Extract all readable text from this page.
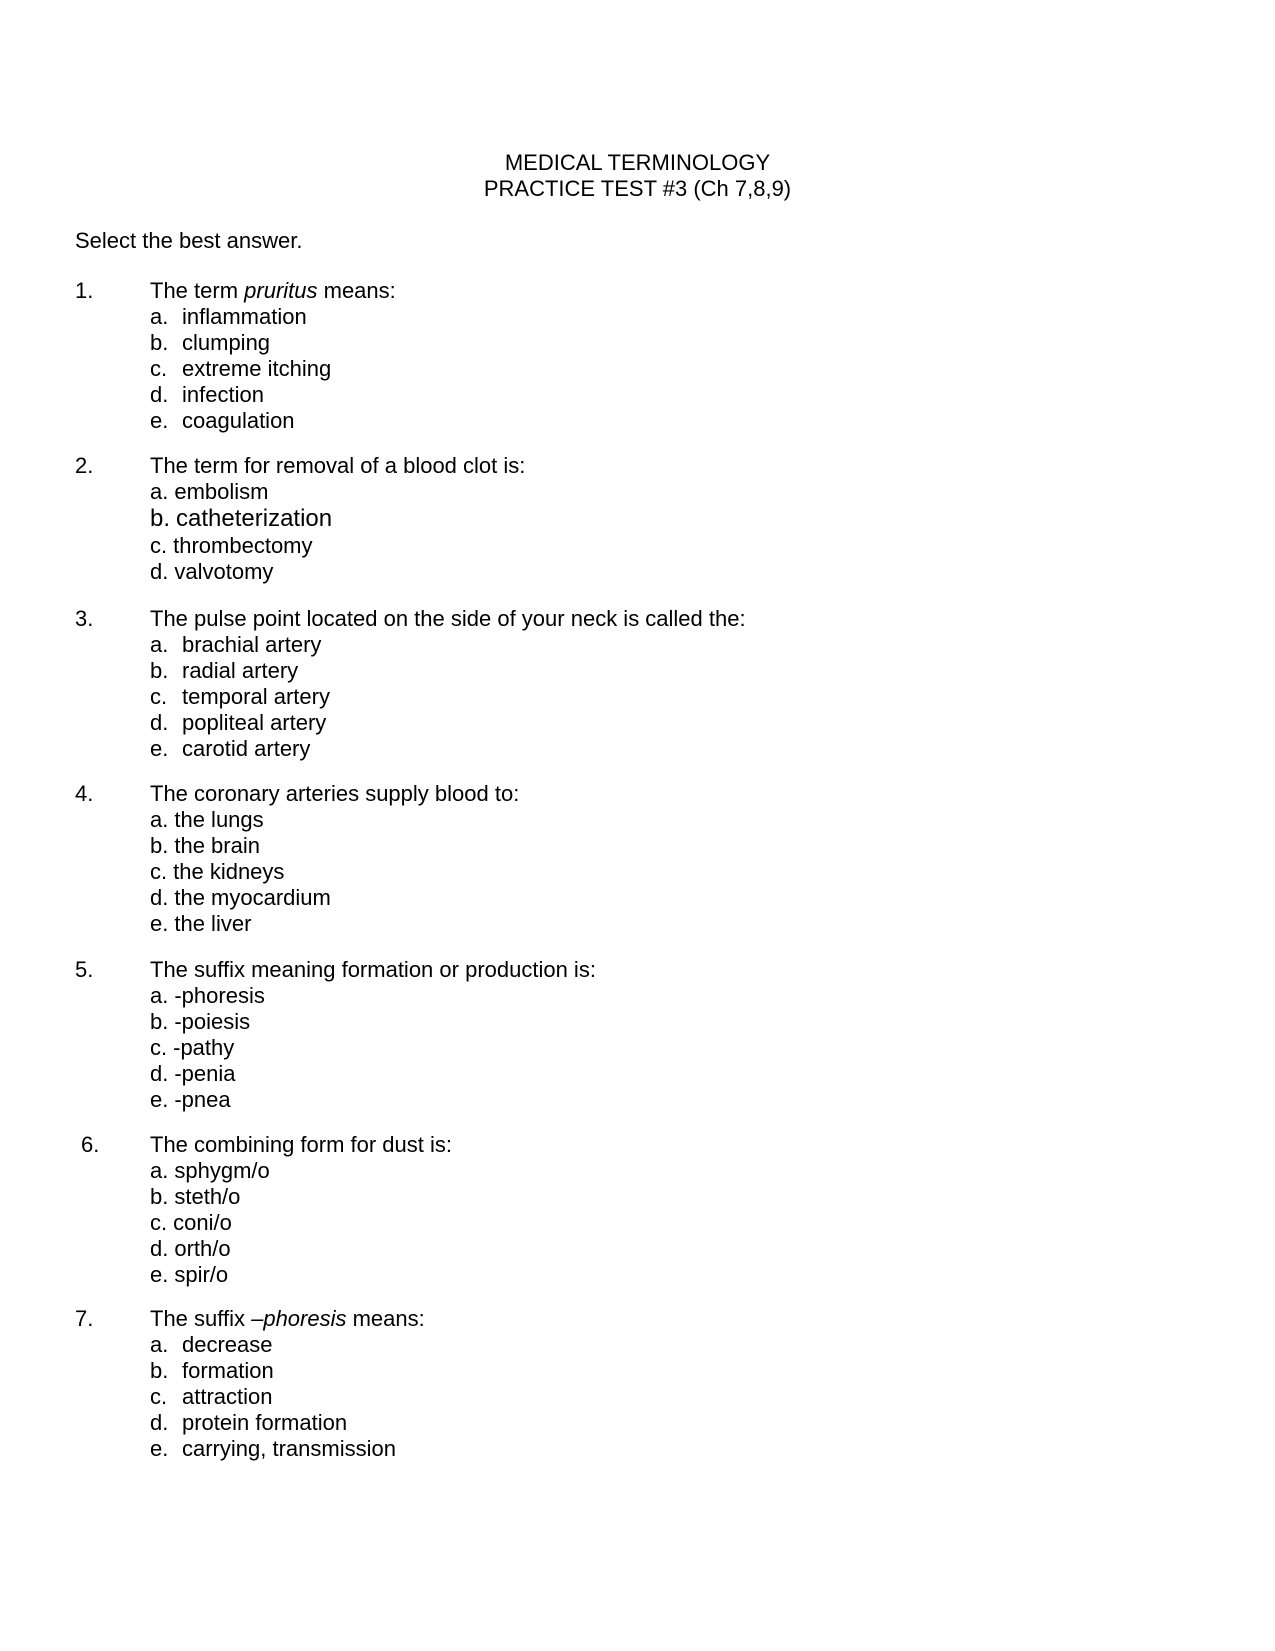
MEDICAL TERMINOLOGY
PRACTICE TEST #3 (Ch 7,8,9)
Select the best answer.
1.	The term pruritus means:
a. inflammation
b. clumping
c. extreme itching
d. infection
e. coagulation
2.	The term for removal of a blood clot is:
a. embolism
b. catheterization
c. thrombectomy
d. valvotomy
3.	The pulse point located on the side of your neck is called the:
a. brachial artery
b. radial artery
c. temporal artery
d. popliteal artery
e. carotid artery
4.	The coronary arteries supply blood to:
a. the lungs
b. the brain
c. the kidneys
d. the myocardium
e. the liver
5.	The suffix meaning formation or production is:
a. -phoresis
b. -poiesis
c. -pathy
d. -penia
e. -pnea
6. The combining form for dust is:
a. sphygm/o
b. steth/o
c. coni/o
d. orth/o
e. spir/o
7.	The suffix –phoresis means:
a. decrease
b. formation
c. attraction
d. protein formation
e. carrying, transmission
